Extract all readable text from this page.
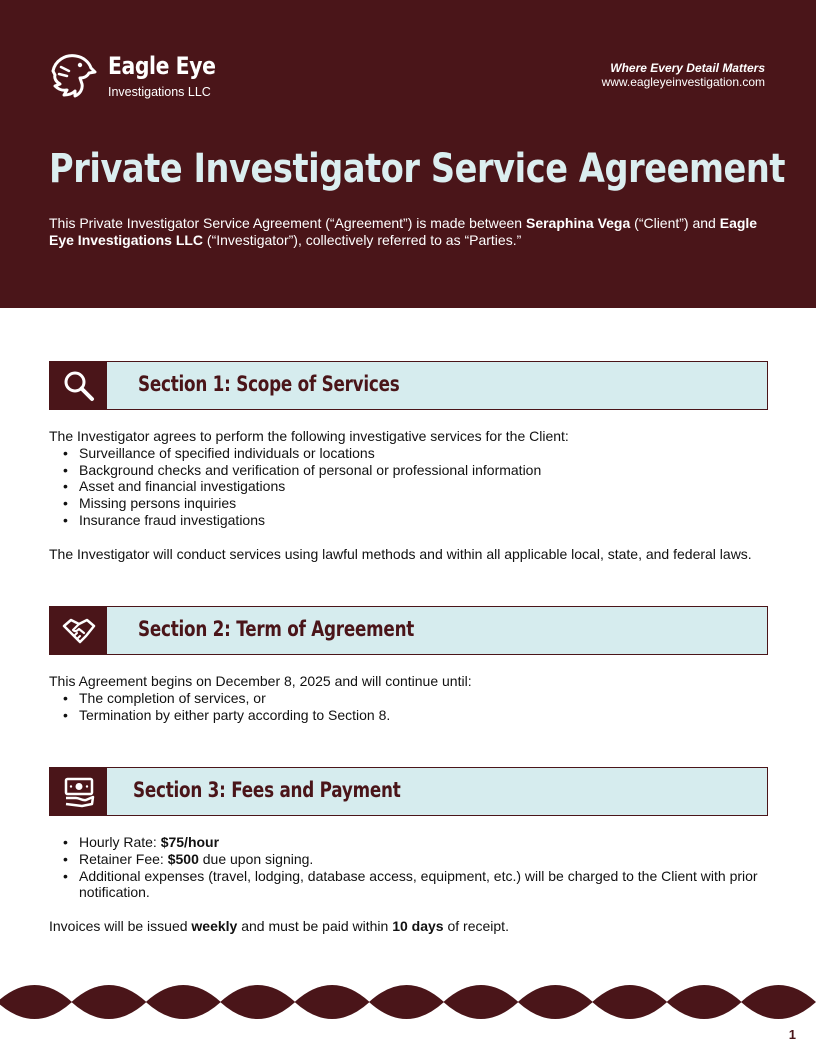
Eagle Eye
Investigations LLC
Where Every Detail Matters
www.eagleyeinvestigation.com
Private Investigator Service Agreement
This Private Investigator Service Agreement (“Agreement”) is made between Seraphina Vega (“Client”) and Eagle Eye Investigations LLC (“Investigator”), collectively referred to as “Parties.”
Section 1: Scope of Services
The Investigator agrees to perform the following investigative services for the Client:
• Surveillance of specified individuals or locations
• Background checks and verification of personal or professional information
• Asset and financial investigations
• Missing persons inquiries
• Insurance fraud investigations
The Investigator will conduct services using lawful methods and within all applicable local, state, and federal laws.
Section 2: Term of Agreement
This Agreement begins on December 8, 2025 and will continue until:
• The completion of services, or
• Termination by either party according to Section 8.
Section 3: Fees and Payment
• Hourly Rate: $75/hour
• Retainer Fee: $500 due upon signing.
• Additional expenses (travel, lodging, database access, equipment, etc.) will be charged to the Client with prior notification.
Invoices will be issued weekly and must be paid within 10 days of receipt.
1
